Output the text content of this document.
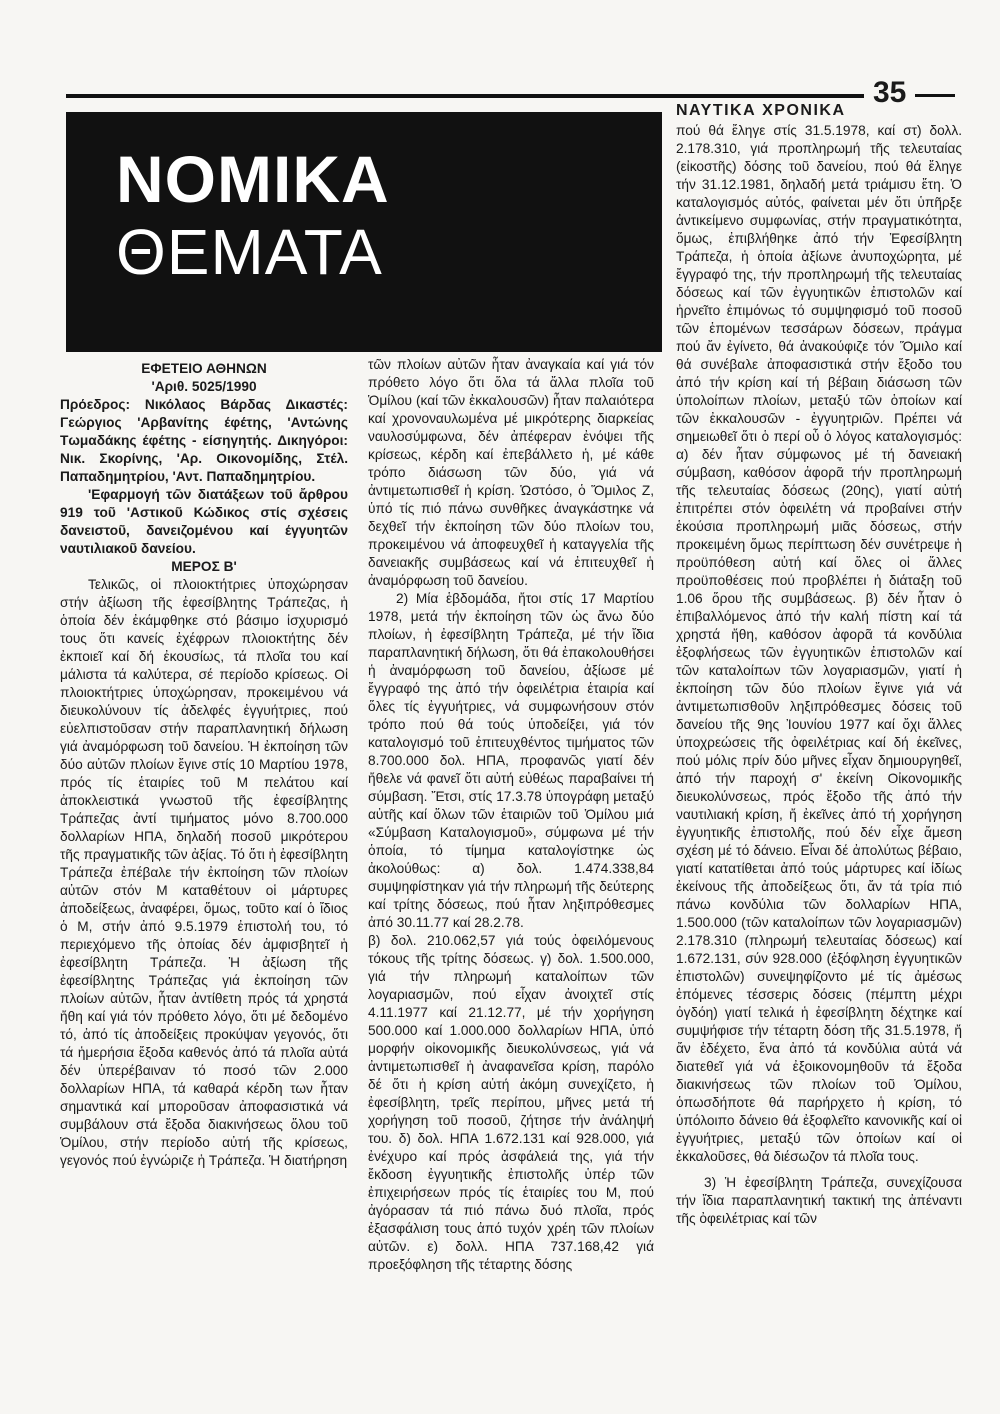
ΝΑΥΤΙΚΑ ΧΡΟΝΙΚΑ
35
ΝΟΜΙΚΑ
ΘΕΜΑΤΑ

ΕΦΕΤΕΙΟ ΑΘΗΝΩΝ

'Αριθ. 5025/1990

Πρόεδρος: Νικόλαος Βάρδας Δικαστές: Γεώργιος 'Αρβανίτης έφέτης, 'Αντώνης Τωμαδάκης έφέτης - είσηγητής. Δικηγόροι: Νικ. Σκορίνης, 'Αρ. Οικονομίδης, Στέλ. Παπαδημητρίου, 'Αντ. Παπαδημητρίου.

'Εφαρμογή τῶν διατάξεων τοῦ ἄρθρου 919 τοῦ 'Αστικοῦ Κώδικος στίς σχέσεις δανειστοῦ, δανειζομένου καί έγγυητῶν ναυτιλιακοῦ δανείου.

ΜΕΡΟΣ Β'

Τελικῶς, οἱ πλοιοκτήτριες ὑποχώρησαν στήν ἀξίωση τῆς ἐφεσίβλητης Τράπεζας, ἡ ὁποία δέν ἐκάμφθηκε στό βάσιμο ἰσχυρισμό τους ὅτι κανείς ἐχέφρων πλοιοκτήτης δέν ἐκποιεῖ καί δή ἐκουσίως, τά πλοῖα του καί μάλιστα τά καλύτερα, σέ περίοδο κρίσεως. Οἱ πλοιοκτήτριες ὑποχώρησαν, προκειμένου νά διευκολύνουν τίς ἀδελφές ἐγγυήτριες, πού εὐελπιστοῦσαν στήν παραπλανητική δήλωση γιά ἀναμόρφωση τοῦ δανείου. Ἡ ἐκποίηση τῶν δύο αὐτῶν πλοίων ἔγινε στίς 10 Μαρτίου 1978, πρός τίς ἑταιρίες τοῦ Μ πελάτου καί ἀποκλειστικά γνωστοῦ τῆς ἐφεσίβλητης Τράπεζας ἀντί τιμήματος μόνο 8.700.000 δολλαρίων ΗΠΑ, δηλαδή ποσοῦ μικρότερου τῆς πραγματικῆς τῶν ἀξίας. Τό ὅτι ἡ ἐφεσίβλητη Τράπεζα ἐπέβαλε τήν ἐκποίηση τῶν πλοίων αὐτῶν στόν Μ καταθέτουν οἱ μάρτυρες ἀποδείξεως, ἀναφέρει, ὅμως, τοῦτο καί ὁ ἴδιος ὁ Μ, στήν ἀπό 9.5.1979 ἐπιστολή του, τό περιεχόμενο τῆς ὁποίας δέν ἀμφισβητεῖ ἡ ἐφεσίβλητη Τράπεζα. Ἡ ἀξίωση τῆς ἐφεσίβλητης Τράπεζας γιά ἐκποίηση τῶν πλοίων αὐτῶν, ἦταν ἀντίθετη πρός τά χρηστά ἤθη καί γιά τόν πρόθετο λόγο, ὅτι μέ δεδομένο τό, ἀπό τίς ἀποδείξεις προκύψαν γεγονός, ὅτι τά ἡμερήσια ἔξοδα καθενός ἀπό τά πλοῖα αὐτά δέν ὑπερέβαιναν τό ποσό τῶν 2.000 δολλαρίων ΗΠΑ, τά καθαρά κέρδη των ἦταν σημαντικά καί μποροῦσαν ἀποφασιστικά νά συμβάλουν στά ἔξοδα διακινήσεως ὅλου τοῦ Ὁμίλου, στήν περίοδο αὐτή τῆς κρίσεως, γεγονός πού ἐγνώριζε ἡ Τράπεζα. Ἡ διατήρηση

τῶν πλοίων αὐτῶν ἦταν ἀναγκαία καί γιά τόν πρόθετο λόγο ὅτι ὅλα τά ἄλλα πλοῖα τοῦ Ὁμίλου (καί τῶν ἐκκαλουσῶν) ἦταν παλαιότερα καί χρονοναυλωμένα μέ μικρότερης διαρκείας ναυλοσύμφωνα, δέν ἀπέφεραν ἐνόψει τῆς κρίσεως, κέρδη καί ἐπεβάλλετο ἡ, μέ κάθε τρόπο διάσωση τῶν δύο, γιά νά ἀντιμετωπισθεῖ ἡ κρίση. Ὡστόσο, ὁ Ὅμιλος Ζ, ὑπό τίς πιό πάνω συνθῆκες ἀναγκάστηκε νά δεχθεῖ τήν ἐκποίηση τῶν δύο πλοίων του, προκειμένου νά ἀποφευχθεῖ ἡ καταγγελία τῆς δανειακῆς συμβάσεως καί νά ἐπιτευχθεῖ ἡ ἀναμόρφωση τοῦ δανείου.

2) Μία ἑβδομάδα, ἤτοι στίς 17 Μαρτίου 1978, μετά τήν ἐκποίηση τῶν ὡς ἄνω δύο πλοίων, ἡ ἐφεσίβλητη Τράπεζα, μέ τήν ἴδια παραπλανητική δήλωση, ὅτι θά ἐπακολουθήσει ἡ ἀναμόρφωση τοῦ δανείου, ἀξίωσε μέ ἔγγραφό της ἀπό τήν ὀφειλέτρια ἑταιρία καί ὅλες τίς ἐγγυήτριες, νά συμφωνήσουν στόν τρόπο πού θά τούς ὑποδείξει, γιά τόν καταλογισμό τοῦ ἐπιτευχθέντος τιμήματος τῶν 8.700.000 δολ. ΗΠΑ, προφανῶς γιατί δέν ἤθελε νά φανεῖ ὅτι αὐτή εὐθέως παραβαίνει τή σύμβαση. Ἔτσι, στίς 17.3.78 ὑπογράφη μεταξύ αὐτῆς καί ὅλων τῶν ἑταιριῶν τοῦ Ὁμίλου μιά «Σύμβαση Καταλογισμοῦ», σύμφωνα μέ τήν ὁποία, τό τίμημα καταλογίστηκε ὡς ἀκολούθως: α) δολ. 1.474.338,84 συμψηφίστηκαν γιά τήν πληρωμή τῆς δεύτερης καί τρίτης δόσεως, πού ἦταν ληξιπρόθεσμες ἀπό 30.11.77 καί 28.2.78.

β) δολ. 210.062,57 γιά τούς ὀφειλόμενους τόκους τῆς τρίτης δόσεως. γ) δολ. 1.500.000, γιά τήν πληρωμή καταλοίπων τῶν λογαριασμῶν, πού εἶχαν ἀνοιχτεῖ στίς 4.11.1977 καί 21.12.77, μέ τήν χορήγηση 500.000 καί 1.000.000 δολλαρίων ΗΠΑ, ὑπό μορφήν οἰκονομικῆς διευκολύνσεως, γιά νά ἀντιμετωπισθεῖ ἡ ἀναφανεῖσα κρίση, παρόλο δέ ὅτι ἡ κρίση αὐτή ἀκόμη συνεχίζετο, ἡ ἐφεσίβλητη, τρεῖς περίπου, μῆνες μετά τή χορήγηση τοῦ ποσοῦ, ζήτησε τήν ἀνάληψή του. δ) δολ. ΗΠΑ 1.672.131 καί 928.000, γιά ἐνέχυρο καί πρός ἀσφάλειά της, γιά τήν ἔκδοση ἐγγυητικῆς ἐπιστολῆς ὑπέρ τῶν ἐπιχειρήσεων πρός τίς ἑταιρίες του Μ, πού ἀγόρασαν τά πιό πάνω δυό πλοῖα, πρός ἐξασφάλιση τους ἀπό τυχόν χρέη τῶν πλοίων αὐτῶν. ε) δολλ. ΗΠΑ 737.168,42 γιά προεξόφληση τῆς τέταρτης δόσης

πού θά ἔληγε στίς 31.5.1978, καί στ) δολλ. 2.178.310, γιά προπληρωμή τῆς τελευταίας (εἰκοστῆς) δόσης τοῦ δανείου, πού θά ἔληγε τήν 31.12.1981, δηλαδή μετά τριάμισυ ἔτη. Ὁ καταλογισμός αὐτός, φαίνεται μέν ὅτι ὑπῆρξε ἀντικείμενο συμφωνίας, στήν πραγματικότητα, ὅμως, ἐπιβλήθηκε ἀπό τήν Ἐφεσίβλητη Τράπεζα, ἡ ὁποία ἀξίωνε ἀνυποχώρητα, μέ ἔγγραφό της, τήν προπληρωμή τῆς τελευταίας δόσεως καί τῶν ἐγγυητικῶν ἐπιστολῶν καί ἠρνεῖτο ἐπιμόνως τό συμψηφισμό τοῦ ποσοῦ τῶν ἑπομένων τεσσάρων δόσεων, πράγμα πού ἄν ἐγίνετο, θά ἀνακούφιζε τόν Ὅμιλο καί θά συνέβαλε ἀποφασιστικά στήν ἔξοδο του ἀπό τήν κρίση καί τή βέβαιη διάσωση τῶν ὑπολοίπων πλοίων, μεταξύ τῶν ὁποίων καί τῶν ἐκκαλουσῶν - ἐγγυητριῶν. Πρέπει νά σημειωθεῖ ὅτι ὁ περί οὗ ὁ λόγος καταλογισμός: α) δέν ἦταν σύμφωνος μέ τή δανειακή σύμβαση, καθόσον ἀφορᾶ τήν προπληρωμή τῆς τελευταίας δόσεως (20ης), γιατί αὐτή ἐπιτρέπει στόν ὀφειλέτη νά προβαίνει στήν ἑκούσια προπληρωμή μιᾶς δόσεως, στήν προκειμένη ὅμως περίπτωση δέν συνέτρεψε ἡ προϋπόθεση αὐτή καί ὅλες οἱ ἄλλες προϋποθέσεις πού προβλέπει ἡ διάταξη τοῦ 1.06 ὅρου τῆς συμβάσεως. β) δέν ἦταν ὁ ἐπιβαλλόμενος ἀπό τήν καλή πίστη καί τά χρηστά ἤθη, καθόσον ἀφορᾶ τά κονδύλια ἐξοφλήσεως τῶν ἐγγυητικῶν ἐπιστολῶν καί τῶν καταλοίπων τῶν λογαριασμῶν, γιατί ἡ ἐκποίηση τῶν δύο πλοίων ἔγινε γιά νά ἀντιμετωπισθοῦν ληξιπρόθεσμες δόσεις τοῦ δανείου τῆς 9ης Ἰουνίου 1977 καί ὄχι ἄλλες ὑποχρεώσεις τῆς ὀφειλέτριας καί δή ἐκεῖνες, πού μόλις πρίν δύο μῆνες εἶχαν δημιουργηθεῖ, ἀπό τήν παροχή σ' ἐκείνη Οἰκονομικῆς διευκολύνσεως, πρός ἔξοδο τῆς ἀπό τήν ναυτιλιακή κρίση, ἤ ἐκεῖνες ἀπό τή χορήγηση ἐγγυητικῆς ἐπιστολῆς, πού δέν εἶχε ἄμεση σχέση μέ τό δάνειο. Εἶναι δέ ἀπολύτως βέβαιο, γιατί κατατίθεται ἀπό τούς μάρτυρες καί ἰδίως ἐκείνους τῆς ἀποδείξεως ὅτι, ἄν τά τρία πιό πάνω κονδύλια τῶν δολλαρίων ΗΠΑ, 1.500.000 (τῶν καταλοίπων τῶν λογαριασμῶν) 2.178.310 (πληρωμή τελευταίας δόσεως) καί 1.672.131, σύν 928.000 (ἐξόφληση ἐγγυητικῶν ἐπιστολῶν) συνεψηφίζοντο μέ τίς ἀμέσως ἑπόμενες τέσσερις δόσεις (πέμπτη μέχρι ὀγδόη) γιατί τελικά ἡ ἐφεσίβλητη δέχτηκε καί συμψήφισε τήν τέταρτη δόση τῆς 31.5.1978, ἤ ἄν ἐδέχετο, ἕνα ἀπό τά κονδύλια αὐτά νά διατεθεῖ γιά νά ἐξοικονομηθοῦν τά ἔξοδα διακινήσεως τῶν πλοίων τοῦ Ὁμίλου, ὁπωσδήποτε θά παρήρχετο ἡ κρίση, τό ὑπόλοιπο δάνειο θά ἐξοφλεῖτο κανονικῆς καί οἱ ἐγγυήτριες, μεταξύ τῶν ὁποίων καί οἱ ἐκκαλοῦσες, θά διέσωζον τά πλοῖα τους.

3) Ἡ ἐφεσίβλητη Τράπεζα, συνεχίζουσα τήν ἴδια παραπλανητική τακτική της ἀπέναντι τῆς ὀφειλέτριας καί τῶν
